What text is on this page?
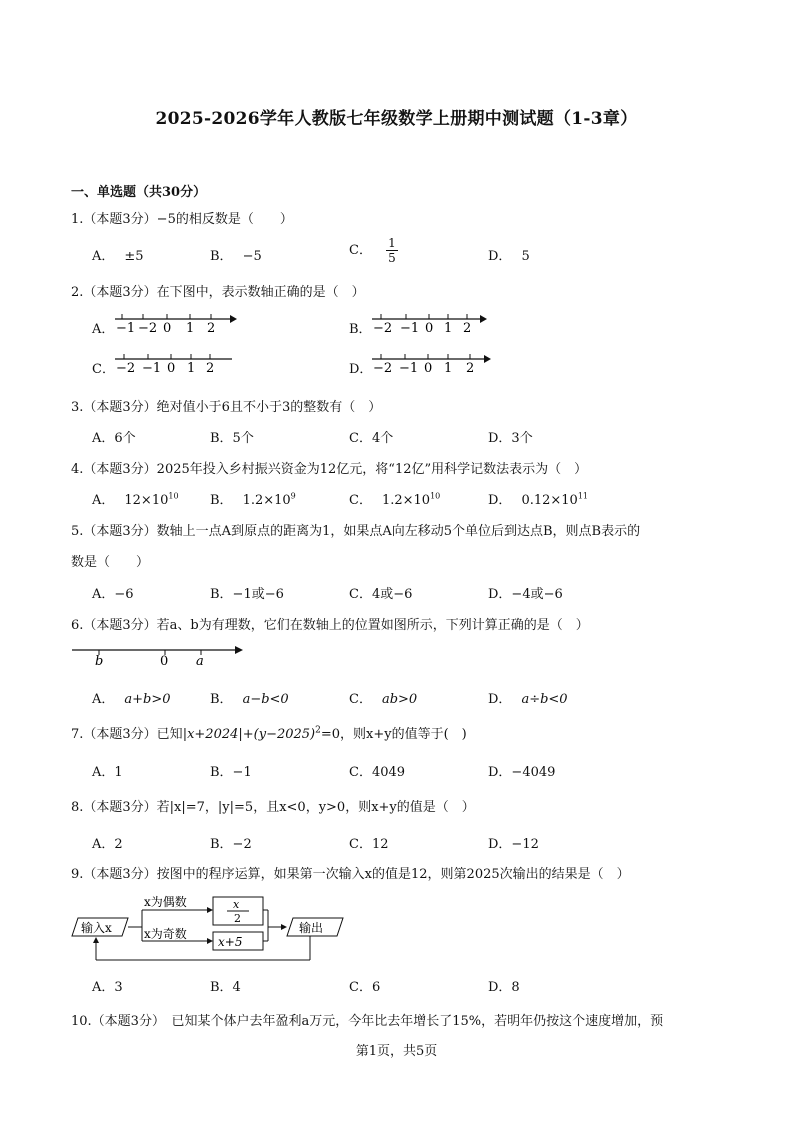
2025-2026学年人教版七年级数学上册期中测试题（1-3章）
一、单选题（共30分）
1.（本题3分）−5的相反数是（　　）
A． ±5	B． −5	C． $\frac{1}{5}$	D． 5
2.（本题3分）在下图中，表示数轴正确的是（　）
A． −1 −2 0 1 2	B． −2 −1 0 1 2
C． −2 −1 0 1 2	D． −2 −1 0 1 2
3.（本题3分）绝对值小于6且不小于3的整数有（　）
A．6个	B．5个	C．4个	D．3个
4.（本题3分）2025年投入乡村振兴资金为12亿元，将“12亿”用科学记数法表示为（　）
A． $12\times 10^{10}$ B． $1.2\times 10^9$	C． $1.2\times 10^{10}$	D． $0.12\times 10^{11}$
5.（本题3分）数轴上一点A到原点的距离为1，如果点A向左移动5个单位后到达点B，则点B表示的
数是（　　）
A．−6	B．−1或−6	C．4或−6	D．−4或−6
6.（本题3分）若a、b为有理数，它们在数轴上的位置如图所示，下列计算正确的是（　）
b	0 a
A． a+b>0	B． a−b<0	C． ab>0	D． a÷b<0
7.（本题3分）已知$|x+2024|+(y-2025)^2=0$，则x+y的值等于(　)
A．1	B．−1	C．4049	D．−4049
8.（本题3分）若|x|=7，|y|=5，且x<0，y>0，则x+y的值是（　）
A．2	B．−2	C．12	D．−12
9.（本题3分）按图中的程序运算，如果第一次输入x的值是12，则第2025次输出的结果是（　）
输入x
x为偶数
x为奇数
x
2
x+5
输出
A．3	B．4	C．6	D．8
10.（本题3分）　已知某个体户去年盈利a万元，今年比去年增长了15%，若明年仍按这个速度增加，预
第1页，共5页
